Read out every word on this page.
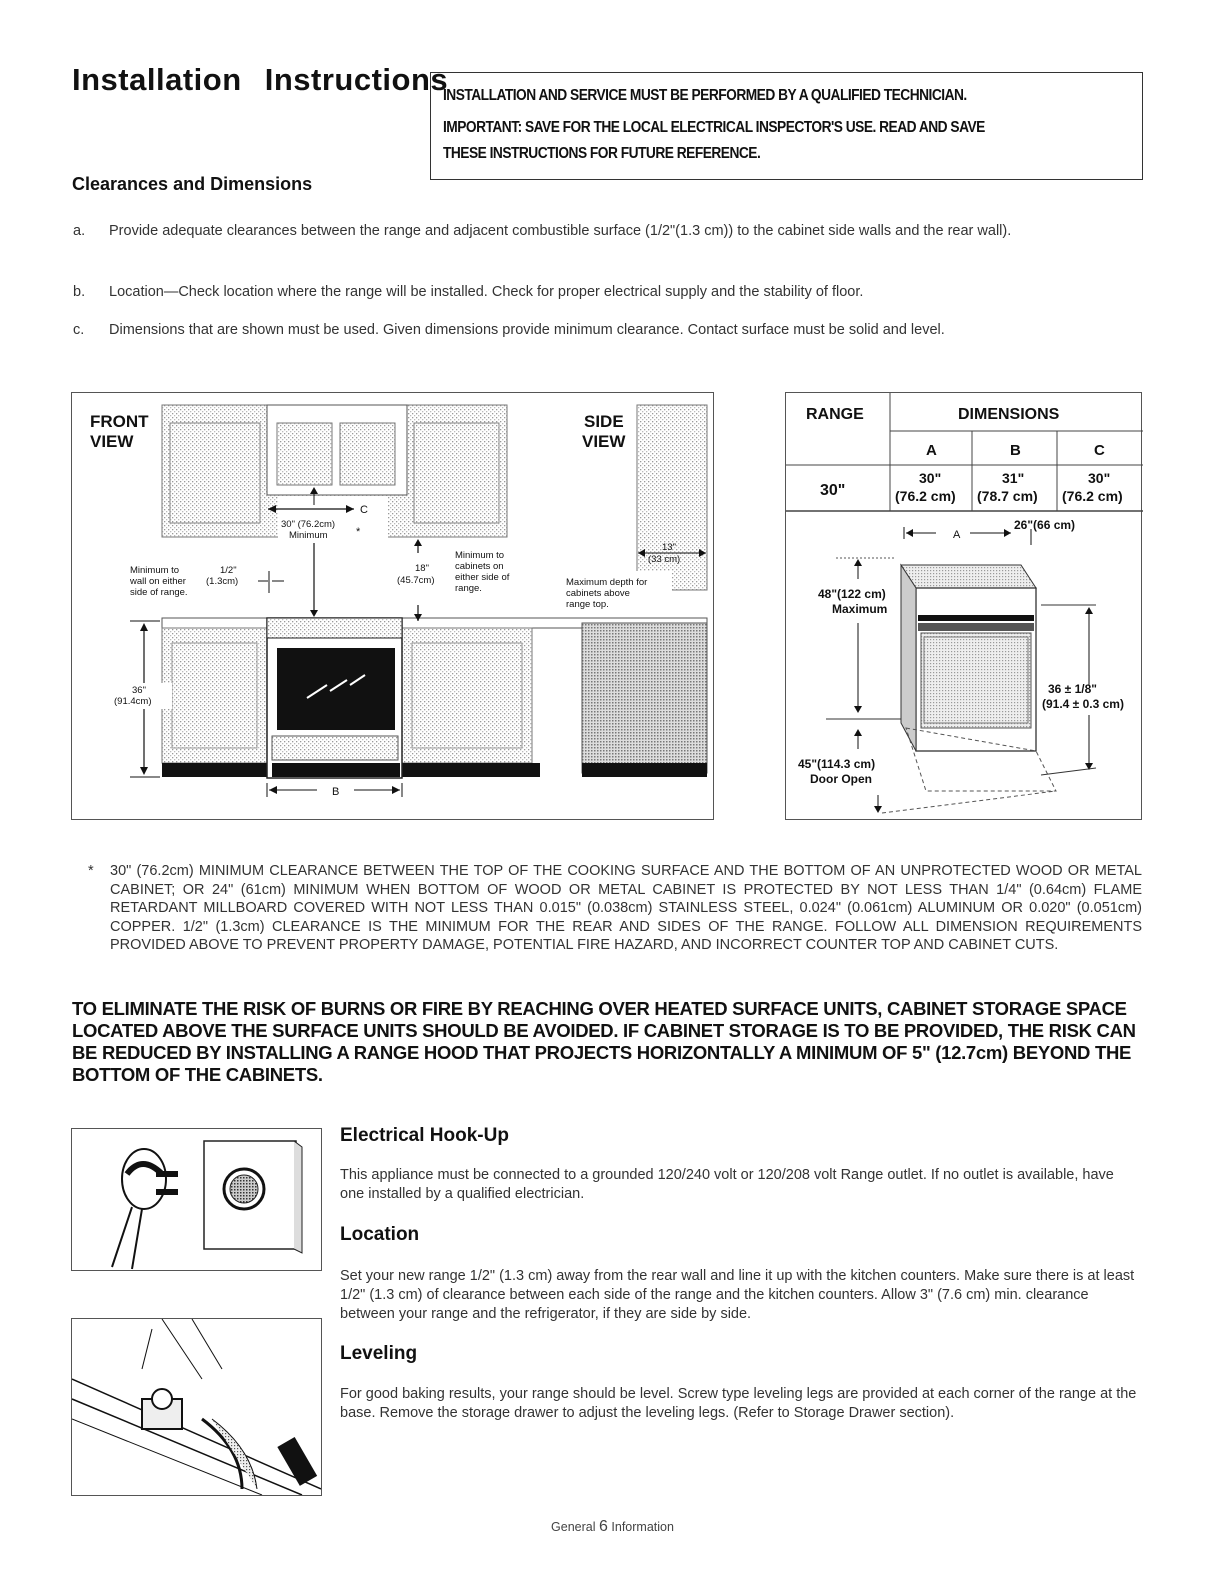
Installation Instructions
INSTALLATION AND SERVICE MUST BE PERFORMED BY A QUALIFIED TECHNICIAN.
IMPORTANT: SAVE FOR THE LOCAL ELECTRICAL INSPECTOR'S USE. READ AND SAVE
THESE INSTRUCTIONS FOR FUTURE REFERENCE.
Clearances and Dimensions
a. Provide adequate clearances between the range and adjacent combustible surface (1/2"(1.3 cm)) to the cabinet side walls and the rear wall).
b. Location—Check location where the range will be installed. Check for proper electrical supply and the stability of floor.
c. Dimensions that are shown must be used. Given dimensions provide minimum clearance. Contact surface must be solid and level.
FRONT VIEW
SIDE VIEW
C
30" (76.2cm)
Minimum	*
Minimum to
wall on either
side of range.
1/2"
(1.3cm)
18"
(45.7cm)
Minimum to
cabinets on
either side of
range.
13"
(33 cm)
Maximum depth for
cabinets above
range top.
36"
(91.4cm)
B
RANGE	DIMENSIONS
A	B	C
30"
30"
(76.2 cm)
31"
(78.7 cm)
30"
(76.2 cm)
A
26"(66 cm)
48"(122 cm)
Maximum
36 ± 1/8"
(91.4 ± 0.3 cm)
45"(114.3 cm)
Door Open
* 30" (76.2cm) MINIMUM CLEARANCE BETWEEN THE TOP OF THE COOKING SURFACE AND THE BOTTOM OF AN UNPROTECTED WOOD OR METAL CABINET; OR 24" (61cm) MINIMUM WHEN BOTTOM OF WOOD OR METAL CABINET IS PROTECTED BY NOT LESS THAN 1/4" (0.64cm) FLAME RETARDANT MILLBOARD COVERED WITH NOT LESS THAN 0.015" (0.038cm) STAINLESS STEEL, 0.024" (0.061cm) ALUMINUM OR 0.020" (0.051cm) COPPER. 1/2" (1.3cm) CLEARANCE IS THE MINIMUM FOR THE REAR AND SIDES OF THE RANGE. FOLLOW ALL DIMENSION REQUIREMENTS PROVIDED ABOVE TO PREVENT PROPERTY DAMAGE, POTENTIAL FIRE HAZARD, AND INCORRECT COUNTER TOP AND CABINET CUTS.
TO ELIMINATE THE RISK OF BURNS OR FIRE BY REACHING OVER HEATED SURFACE UNITS, CABINET STORAGE SPACE LOCATED ABOVE THE SURFACE UNITS SHOULD BE AVOIDED. IF CABINET STORAGE IS TO BE PROVIDED, THE RISK CAN BE REDUCED BY INSTALLING A RANGE HOOD THAT PROJECTS HORIZONTALLY A MINIMUM OF 5" (12.7cm) BEYOND THE BOTTOM OF THE CABINETS.
Electrical Hook-Up
This appliance must be connected to a grounded 120/240 volt or 120/208 volt Range outlet. If no outlet is available, have one installed by a qualified electrician.
Location
Set your new range 1/2" (1.3 cm) away from the rear wall and line it up with the kitchen counters. Make sure there is at least 1/2" (1.3 cm) of clearance between each side of the range and the kitchen counters. Allow 3" (7.6 cm) min. clearance between your range and the refrigerator, if they are side by side.
Leveling
For good baking results, your range should be level. Screw type leveling legs are provided at each corner of the range at the base. Remove the storage drawer to adjust the leveling legs. (Refer to Storage Drawer section).
General 6 Information
